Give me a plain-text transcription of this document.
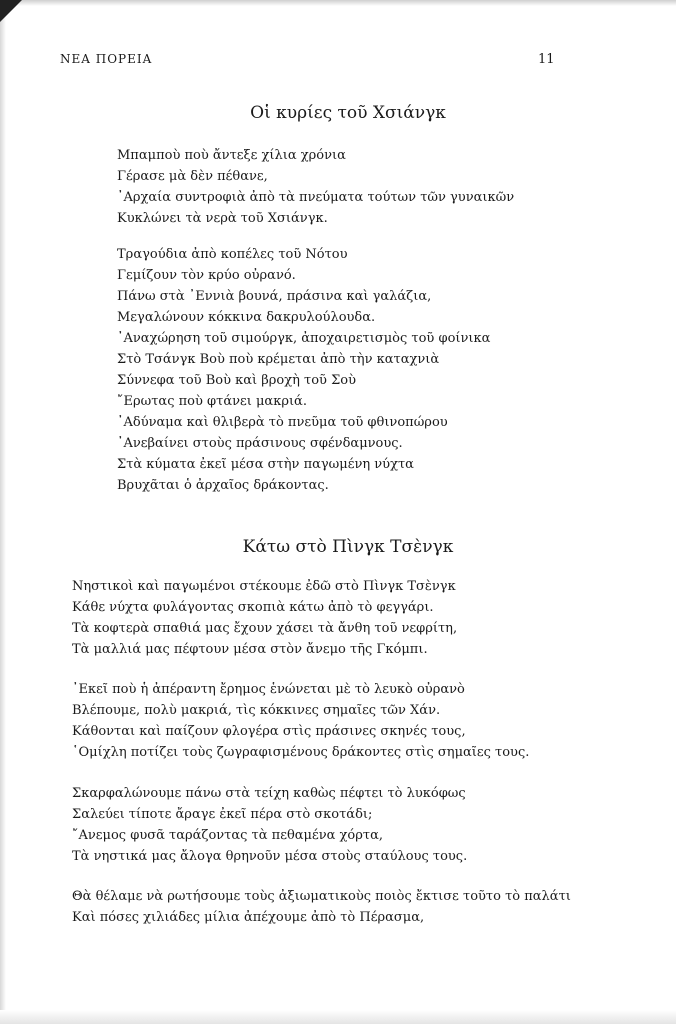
ΝΕΑ ΠΟΡΕΙΑ	11
Οἱ κυρίες τοῦ Χσιάνγκ
Μπαμποὺ ποὺ ἄντεξε χίλια χρόνια
Γέρασε μὰ δὲν πέθανε,
᾿Αρχαία συντροφιὰ ἀπὸ τὰ πνεύματα τούτων τῶν γυναικῶν
Κυκλώνει τὰ νερὰ τοῦ Χσιάνγκ.
Τραγούδια ἀπὸ κοπέλες τοῦ Νότου
Γεμίζουν τὸν κρύο οὐρανό.
Πάνω στὰ ᾿Εννιὰ βουνά, πράσινα καὶ γαλάζια,
Μεγαλώνουν κόκκινα δακρυλούλουδα.
᾿Αναχώρηση τοῦ σιμούργκ, ἀποχαιρετισμὸς τοῦ φοίνικα
Στὸ Τσάνγκ Βοὺ ποὺ κρέμεται ἀπὸ τὴν καταχνιὰ
Σύννεφα τοῦ Βοὺ καὶ βροχὴ τοῦ Σοὺ
῎Ερωτας ποὺ φτάνει μακριά.
᾿Αδύναμα καὶ θλιβερὰ τὸ πνεῦμα τοῦ φθινοπώρου
᾿Ανεβαίνει στοὺς πράσινους σφένδαμνους.
Στὰ κύματα ἐκεῖ μέσα στὴν παγωμένη νύχτα
Βρυχᾶται ὁ ἀρχαῖος δράκοντας.
Κάτω στὸ Πὶνγκ Τσὲνγκ
Νηστικοὶ καὶ παγωμένοι στέκουμε ἐδῶ στὸ Πὶνγκ Τσὲνγκ
Κάθε νύχτα φυλάγοντας σκοπιὰ κάτω ἀπὸ τὸ φεγγάρι.
Τὰ κοφτερὰ σπαθιά μας ἔχουν χάσει τὰ ἄνθη τοῦ νεφρίτη,
Τὰ μαλλιά μας πέφτουν μέσα στὸν ἄνεμο τῆς Γκόμπι.
᾿Εκεῖ ποὺ ἡ ἀπέραντη ἔρημος ἑνώνεται μὲ τὸ λευκὸ οὐρανὸ
Βλέπουμε, πολὺ μακριά, τὶς κόκκινες σημαῖες τῶν Χάν.
Κάθονται καὶ παίζουν φλογέρα στὶς πράσινες σκηνές τους,
῾Ομίχλη ποτίζει τοὺς ζωγραφισμένους δράκοντες στὶς σημαῖες τους.
Σκαρφαλώνουμε πάνω στὰ τείχη καθὼς πέφτει τὸ λυκόφως
Σαλεύει τίποτε ἄραγε ἐκεῖ πέρα στὸ σκοτάδι;
῎Ανεμος φυσᾶ ταράζοντας τὰ πεθαμένα χόρτα,
Τὰ νηστικά μας ἄλογα θρηνοῦν μέσα στοὺς σταύλους τους.
Θὰ θέλαμε νὰ ρωτήσουμε τοὺς ἀξιωματικοὺς ποιὸς ἔκτισε τοῦτο τὸ παλάτι
Καὶ πόσες χιλιάδες μίλια ἀπέχουμε ἀπὸ τὸ Πέρασμα,
